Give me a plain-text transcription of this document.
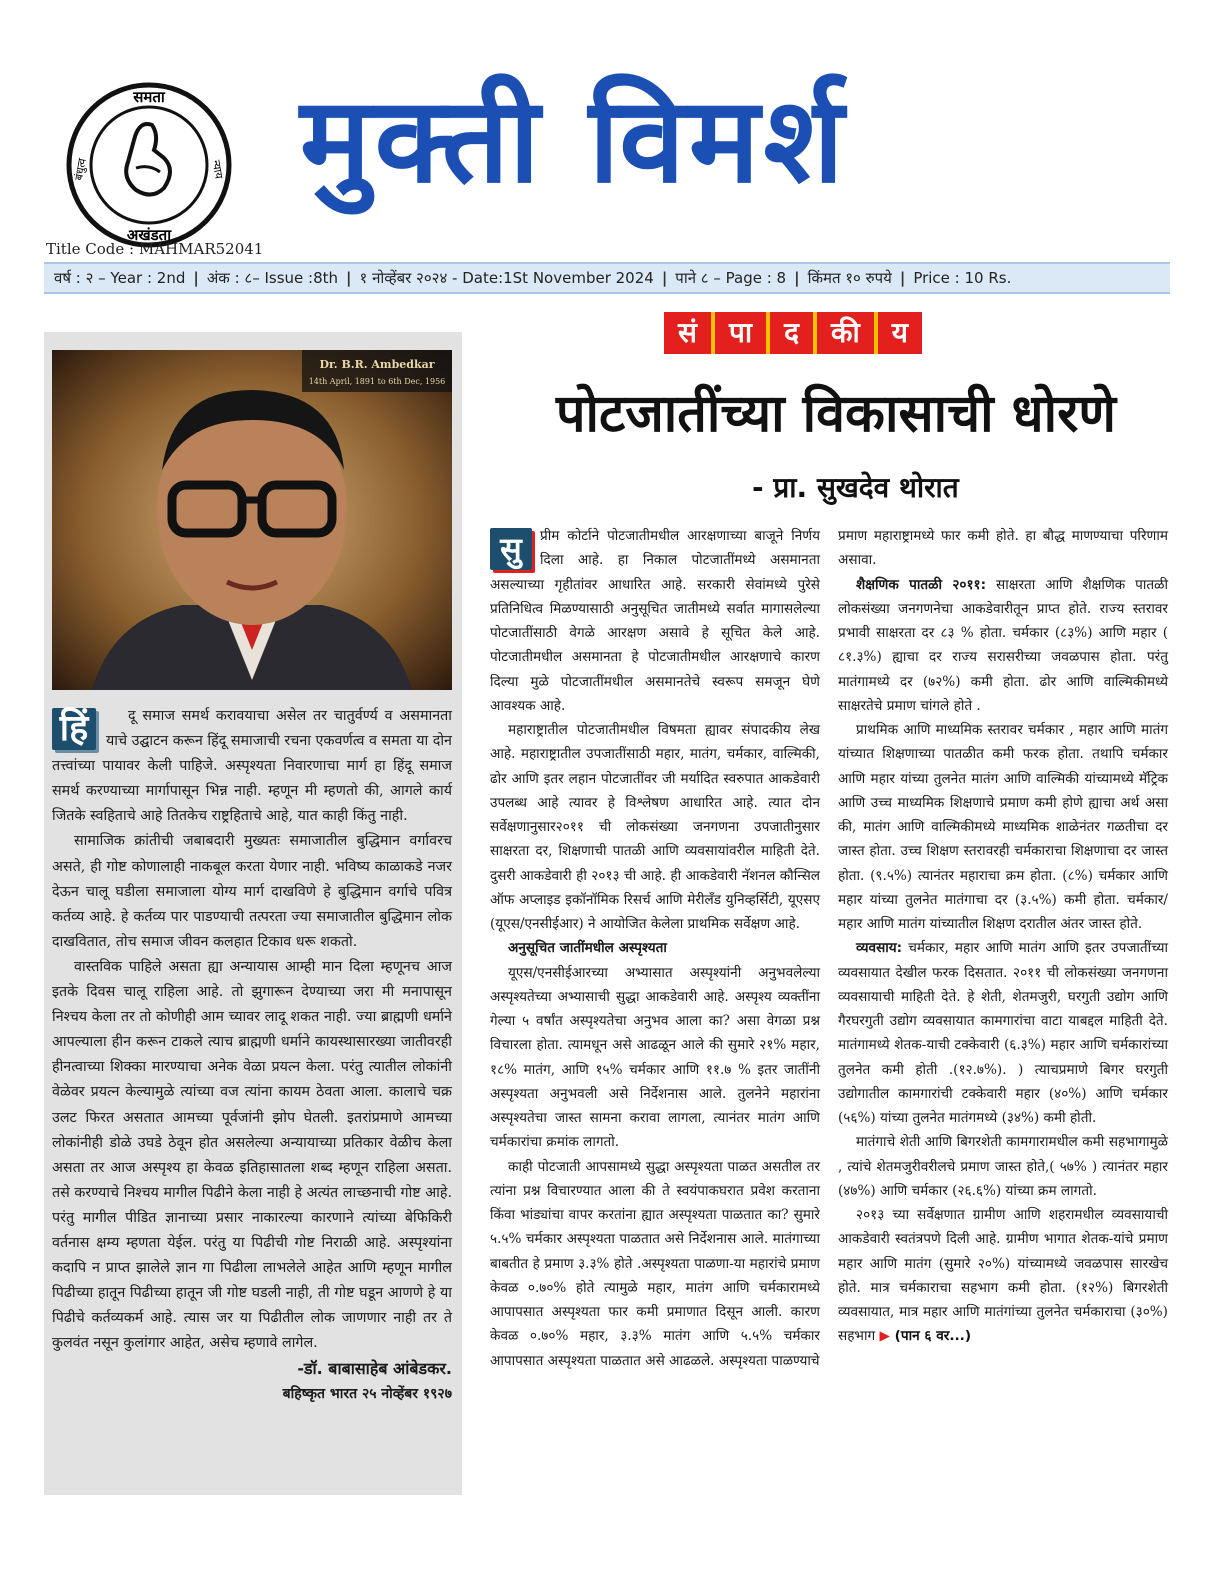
समता
अखंडता
बंधुत्व	न्याय मुक्ती विमर्श
Title Code : MAHMAR52041
वर्ष : २ – Year : 2nd | अंक : ८– Issue :8th | १ नोव्हेंबर २०२४ - Date:1St November 2024 | पाने ८ – Page : 8 | किंमत १० रुपये | Price : 10 Rs.
Dr. B.R. Ambedkar
14th April, 1891 to 6th Dec, 1956

हिं	दू समाज समर्थ करावयाचा असेल तर चातुर्वर्ण्य व असमानता याचे उद्घाटन करून हिंदू समाजाची रचना एकवर्णत्व व समता या दोन तत्त्वांच्या पायावर केली पाहिजे. अस्पृश्यता निवारणाचा मार्ग हा हिंदू समाज समर्थ करण्याच्या मार्गापासून भिन्न नाही. म्हणून मी म्हणतो की, आगले कार्य जितके स्वहिताचे आहे तितकेच राष्ट्रहिताचे आहे, यात काही किंतु नाही.

सामाजिक क्रांतीची जबाबदारी मुख्यतः समाजातील बुद्धिमान वर्गावरच असते, ही गोष्ट कोणालाही नाकबूल करता येणार नाही. भविष्य काळाकडे नजर देऊन चालू घडीला समाजाला योग्य मार्ग दाखविणे हे बुद्धिमान वर्गाचे पवित्र कर्तव्य आहे. हे कर्तव्य पार पाडण्याची तत्परता ज्या समाजातील बुद्धिमान लोक दाखवितात, तोच समाज जीवन कलहात टिकाव धरू शकतो.

वास्तविक पाहिले असता ह्या अन्यायास आम्ही मान दिला म्हणूनच आज इतके दिवस चालू राहिला आहे. तो झुगारून देण्याच्या जरा मी मनापासून निश्चय केला तर तो कोणीही आम च्यावर लादू शकत नाही. ज्या ब्राह्मणी धर्माने आपल्याला हीन करून टाकले त्याच ब्राह्मणी धर्माने कायस्थासारख्या जातीवरही हीनत्वाच्या शिक्का मारण्याचा अनेक वेळा प्रयत्न केला. परंतु त्यातील लोकांनी वेळेवर प्रयत्न केल्यामुळे त्यांच्या वज त्यांना कायम ठेवता आला. कालाचे चक्र उलट फिरत असतात आमच्या पूर्वजांनी झोप घेतली. इतरांप्रमाणे आमच्या लोकांनीही डोळे उघडे ठेवून होत असलेल्या अन्यायाच्या प्रतिकार वेळीच केला असता तर आज अस्पृश्य हा केवळ इतिहासातला शब्द म्हणून राहिला असता. तसे करण्याचे निश्चय मागील पिढीने केला नाही हे अत्यंत लाच्छनाची गोष्ट आहे. परंतु मागील पीडित ज्ञानाच्या प्रसार नाकारल्या कारणाने त्यांच्या बेफिकिरी वर्तनास क्षम्य म्हणता येईल. परंतु या पिढीची गोष्ट निराळी आहे. अस्पृश्यांना कदापि न प्राप्त झालेले ज्ञान गा पिढीला लाभलेले आहेत आणि म्हणून मागील पिढीच्या हातून पिढीच्या हातून जी गोष्ट घडली नाही, ती गोष्ट घडून आणणे हे या पिढीचे कर्तव्यकर्म आहे. त्यास जर या पिढीतील लोक जाणणार नाही तर ते कुलवंत नसून कुलांगार आहेत, असेच म्हणावे लागेल.

-डॉ. बाबासाहेब आंबेडकर.

बहिष्कृत भारत २५ नोव्हेंबर १९२७

सं	पा	द	की	य
पोटजातींच्या विकासाची धोरणे
- प्रा. सुखदेव थोरात

सु	प्रीम कोर्टाने पोटजातीमधील आरक्षणाच्या बाजूने निर्णय दिला आहे. हा निकाल पोटजातींमध्ये असमानता असल्याच्या गृहीतांवर आधारित आहे. सरकारी सेवांमध्ये पुरेसे प्रतिनिधित्व मिळण्यासाठी अनुसूचित जातीमध्ये सर्वात मागासलेल्या पोटजातींसाठी वेगळे आरक्षण असावे हे सूचित केले आहे. पोटजातीमधील असमानता हे पोटजातीमधील आरक्षणाचे कारण दिल्या मुळे पोटजातींमधील असमानतेचे स्वरूप समजून घेणे आवश्यक आहे.

महाराष्ट्रातील पोटजातीमधील विषमता ह्यावर संपादकीय लेख आहे. महाराष्ट्रातील उपजातींसाठी महार, मातंग, चर्मकार, वाल्मिकी, ढोर आणि इतर लहान पोटजातींवर जी मर्यादित स्वरुपात आकडेवारी उपलब्ध आहे त्यावर हे विश्लेषण आधारित आहे. त्यात दोन सर्वेक्षणानुसार२०११ ची लोकसंख्या जनगणना उपजातीनुसार साक्षरता दर, शिक्षणाची पातळी आणि व्यवसायांवरील माहिती देते. दुसरी आकडेवारी ही २०१३ ची आहे. ही आकडेवारी नॅशनल कौन्सिल ऑफ अप्लाइड इकॉनॉमिक रिसर्च आणि मेरीलँड युनिव्हर्सिटी, यूएसए (यूएस/एनसीईआर) ने आयोजित केलेला प्राथमिक सर्वेक्षण आहे.

अनुसूचित जातींमधील अस्पृश्यता

यूएस/एनसीईआरच्या अभ्यासात अस्पृश्यांनी अनुभवलेल्या अस्पृश्यतेच्या अभ्यासाची सुद्धा आकडेवारी आहे. अस्पृश्य व्यक्तींना गेल्या ५ वर्षांत अस्पृश्यतेचा अनुभव आला का? असा वेगळा प्रश्न विचारला होता. त्यामधून असे आढळून आले की सुमारे २१% महार, १८% मातंग, आणि १५% चर्मकार आणि ११.७ % इतर जातींनी अस्पृश्यता अनुभवली असे निर्देशनास आले. तुलनेने महारांना अस्पृश्यतेचा जास्त सामना करावा लागला, त्यानंतर मातंग आणि चर्मकारांचा क्रमांक लागतो.

काही पोटजाती आपसामध्ये सुद्धा अस्पृश्यता पाळत असतील तर त्यांना प्रश्न विचारण्यात आला की ते स्वयंपाकघरात प्रवेश करताना किंवा भांड्यांचा वापर करतांना ह्यात अस्पृश्यता पाळतात का? सुमारे ५.५% चर्मकार अस्पृश्यता पाळतात असे निर्देशनास आले. मातंगाच्या बाबतीत हे प्रमाण ३.३% होते .अस्पृश्यता पाळणा-या महारांचे प्रमाण केवळ ०.७०% होते त्यामुळे महार, मातंग आणि चर्मकारामध्ये आपापसात अस्पृश्यता फार कमी प्रमाणात दिसून आली. कारण केवळ ०.७०% महार, ३.३% मातंग आणि ५.५% चर्मकार आपापसात अस्पृश्यता पाळतात असे आढळले. अस्पृश्यता पाळण्याचे

प्रमाण महाराष्ट्रामध्ये फार कमी होते. हा बौद्ध माणण्याचा परिणाम असावा.

शैक्षणिक पातळी २०११: साक्षरता आणि शैक्षणिक पातळी लोकसंख्या जनगणनेचा आकडेवारीतून प्राप्त होते. राज्य स्तरावर प्रभावी साक्षरता दर ८३ % होता. चर्मकार (८३%) आणि महार ( ८१.३%) ह्याचा दर राज्य सरासरीच्या जवळपास होता. परंतु मातंगामध्ये दर (७२%) कमी होता. ढोर आणि वाल्मिकीमध्ये साक्षरतेचे प्रमाण चांगले होते .

प्राथमिक आणि माध्यमिक स्तरावर चर्मकार , महार आणि मातंग यांच्यात शिक्षणाच्या पातळीत कमी फरक होता. तथापि चर्मकार आणि महार यांच्या तुलनेत मातंग आणि वाल्मिकी यांच्यामध्ये मॅट्रिक आणि उच्च माध्यमिक शिक्षणाचे प्रमाण कमी होणे ह्याचा अर्थ असा की, मातंग आणि वाल्मिकीमध्ये माध्यमिक शाळेनंतर गळतीचा दर जास्त होता. उच्च शिक्षण स्तरावरही चर्मकाराचा शिक्षणाचा दर जास्त होता. (९.५%) त्यानंतर महाराचा क्रम होता. (८%) चर्मकार आणि महार यांच्या तुलनेत मातंगाचा दर (३.५%) कमी होता. चर्मकार/ महार आणि मातंग यांच्यातील शिक्षण दरातील अंतर जास्त होते.

व्यवसाय: चर्मकार, महार आणि मातंग आणि इतर उपजातींच्या व्यवसायात देखील फरक दिसतात. २०११ ची लोकसंख्या जनगणना व्यवसायाची माहिती देते. हे शेती, शेतमजुरी, घरगुती उद्योग आणि गैरघरगुती उद्योग व्यवसायात कामगारांचा वाटा याबद्दल माहिती देते. मातंगामध्ये शेतक-याची टक्केवारी (६.३%) महार आणि चर्मकारांच्या तुलनेत कमी होती .(१२.७%). ) त्याचप्रमाणे बिगर घरगुती उद्योगातील कामगारांची टक्केवारी महार (४०%) आणि चर्मकार (५६%) यांच्या तुलनेत मातंगमध्ये (३४%) कमी होती.

मातंगाचे शेती आणि बिगरशेती कामगारामधील कमी सहभागामुळे , त्यांचे शेतमजुरीवरीलचे प्रमाण जास्त होते,( ५७% ) त्यानंतर महार (४७%) आणि चर्मकार (२६.६%) यांच्या क्रम लागतो.

२०१३ च्या सर्वेक्षणात ग्रामीण आणि शहरामधील व्यवसायाची आकडेवारी स्वतंत्रपणे दिली आहे. ग्रामीण भागात शेतक-यांचे प्रमाण महार आणि मातंग (सुमारे २०%) यांच्यामध्ये जवळपास सारखेच होते. मात्र चर्मकाराचा सहभाग कमी होता. (१२%) बिगरशेती व्यवसायात, मात्र महार आणि मातंगांच्या तुलनेत चर्मकाराचा (३०%) सहभाग ▶ (पान ६ वर...)
